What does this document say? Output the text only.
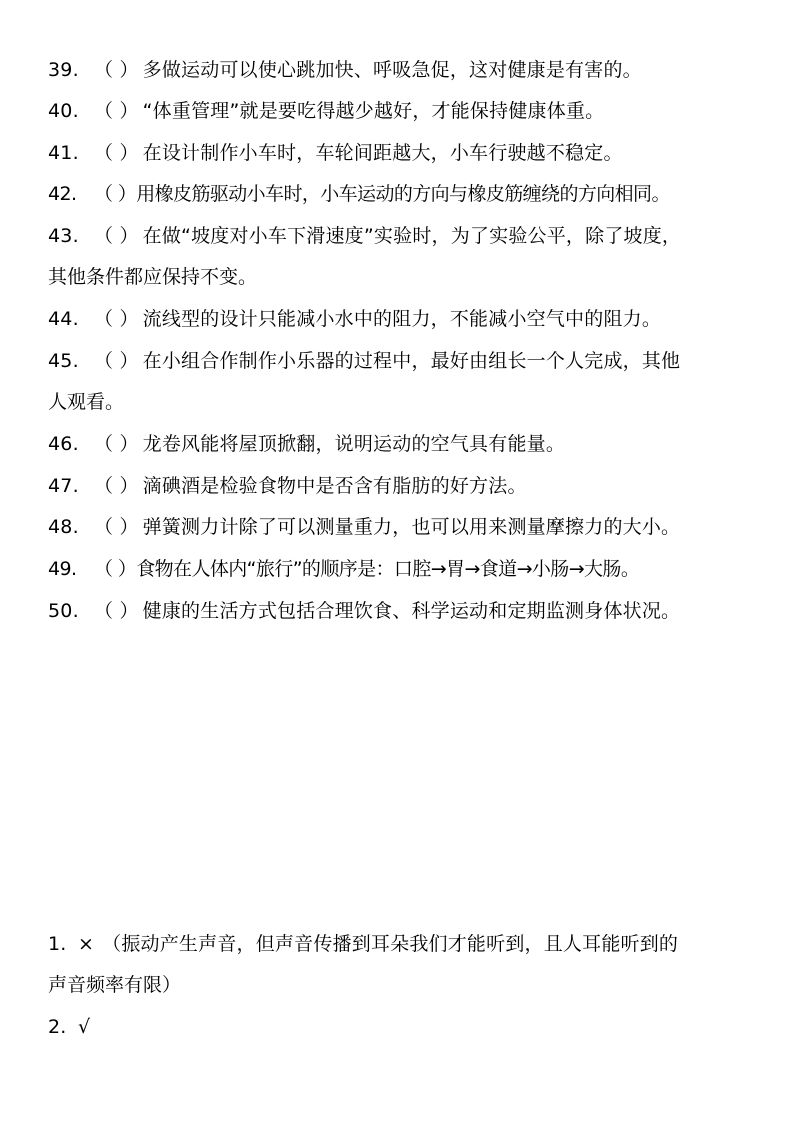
39. （ ） 多做运动可以使心跳加快、呼吸急促，这对健康是有害的。
40. （ ） “体重管理”就是要吃得越少越好，才能保持健康体重。
41. （ ） 在设计制作小车时，车轮间距越大，小车行驶越不稳定。
42. （ ）用橡皮筋驱动小车时，小车运动的方向与橡皮筋缠绕的方向相同。
43. （ ） 在做“坡度对小车下滑速度”实验时，为了实验公平，除了坡度，
其他条件都应保持不变。
44. （ ） 流线型的设计只能减小水中的阻力，不能减小空气中的阻力。
45. （ ） 在小组合作制作小乐器的过程中，最好由组长一个人完成，其他
人观看。
46. （ ） 龙卷风能将屋顶掀翻，说明运动的空气具有能量。
47. （ ） 滴碘酒是检验食物中是否含有脂肪的好方法。
48. （ ） 弹簧测力计除了可以测量重力，也可以用来测量摩擦力的大小。
49. （ ）食物在人体内“旅行”的顺序是：口腔→胃→食道→小肠→大肠。
50. （ ） 健康的生活方式包括合理饮食、科学运动和定期监测身体状况。
1. × （振动产生声音，但声音传播到耳朵我们才能听到，且人耳能听到的
声音频率有限）
2. √
